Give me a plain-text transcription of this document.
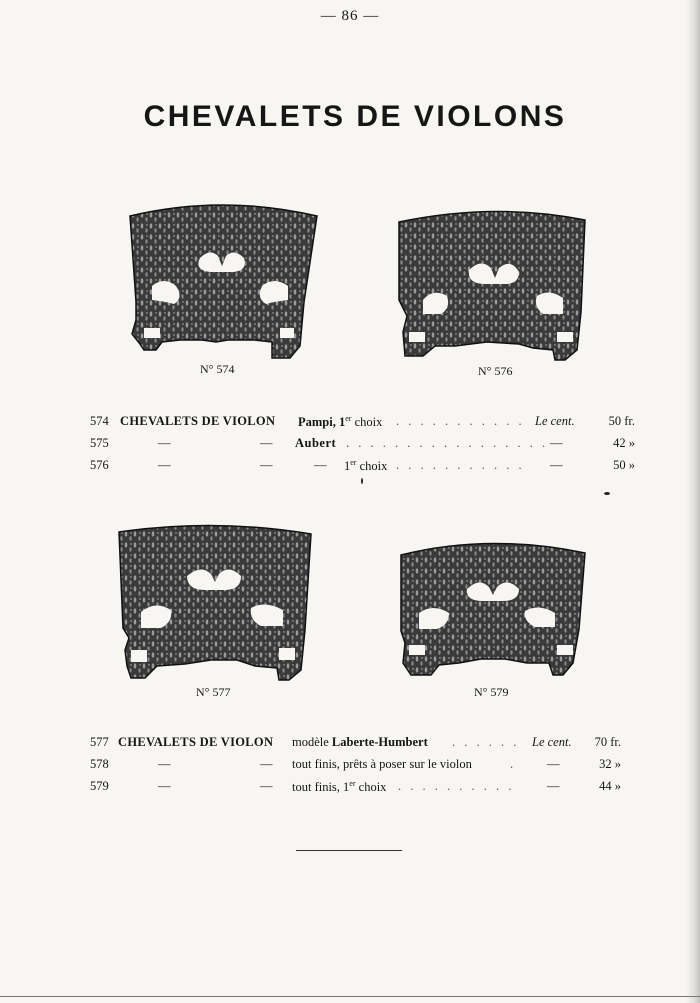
— 86 —
CHEVALETS DE VIOLONS
N° 574	N° 576
574 CHEVALETS DE VIOLON Pampi, 1er choix . . . . . . . . . . . Le cent.	50 fr.
575	—	— Aubert . . . . . . . . . . . . . . . . . —	42 »
576	—	—	— 1er choix . . . . . . . . . . . —	50 »
N° 577	N° 579
577 CHEVALETS DE VIOLON modèle Laberte-Humbert . . . . . . Le cent.	70 fr.
578	—	— tout finis, prêts à poser sur le violon	. —	32 »
579	—	— tout finis, 1er choix . . . . . . . . . .	—	44 »
